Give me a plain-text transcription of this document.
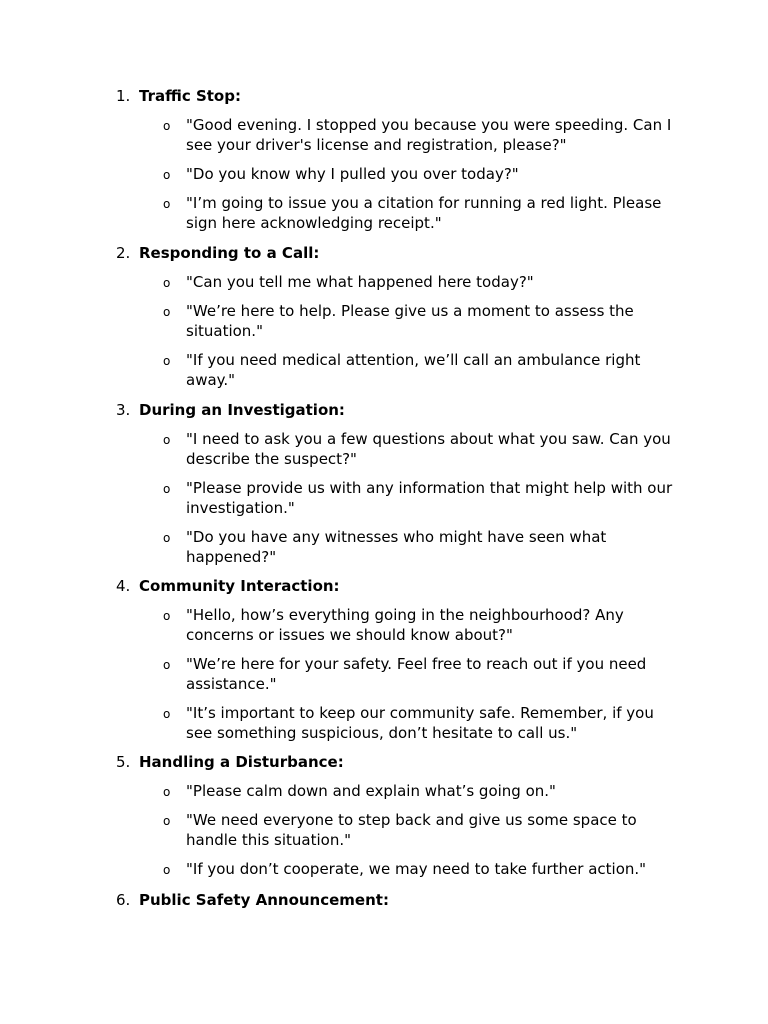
1. Traffic Stop:
o "Good evening. I stopped you because you were speeding. Can I see your driver's license and registration, please?"
o "Do you know why I pulled you over today?"
o "I’m going to issue you a citation for running a red light. Please sign here acknowledging receipt."
2. Responding to a Call:
o "Can you tell me what happened here today?"
o "We’re here to help. Please give us a moment to assess the situation."
o "If you need medical attention, we’ll call an ambulance right away."
3. During an Investigation:
o "I need to ask you a few questions about what you saw. Can you describe the suspect?"
o "Please provide us with any information that might help with our investigation."
o "Do you have any witnesses who might have seen what happened?"
4. Community Interaction:
o "Hello, how’s everything going in the neighbourhood? Any concerns or issues we should know about?"
o "We’re here for your safety. Feel free to reach out if you need assistance."
o "It’s important to keep our community safe. Remember, if you see something suspicious, don’t hesitate to call us."
5. Handling a Disturbance:
o "Please calm down and explain what’s going on."
o "We need everyone to step back and give us some space to handle this situation."
o "If you don’t cooperate, we may need to take further action."
6. Public Safety Announcement:
